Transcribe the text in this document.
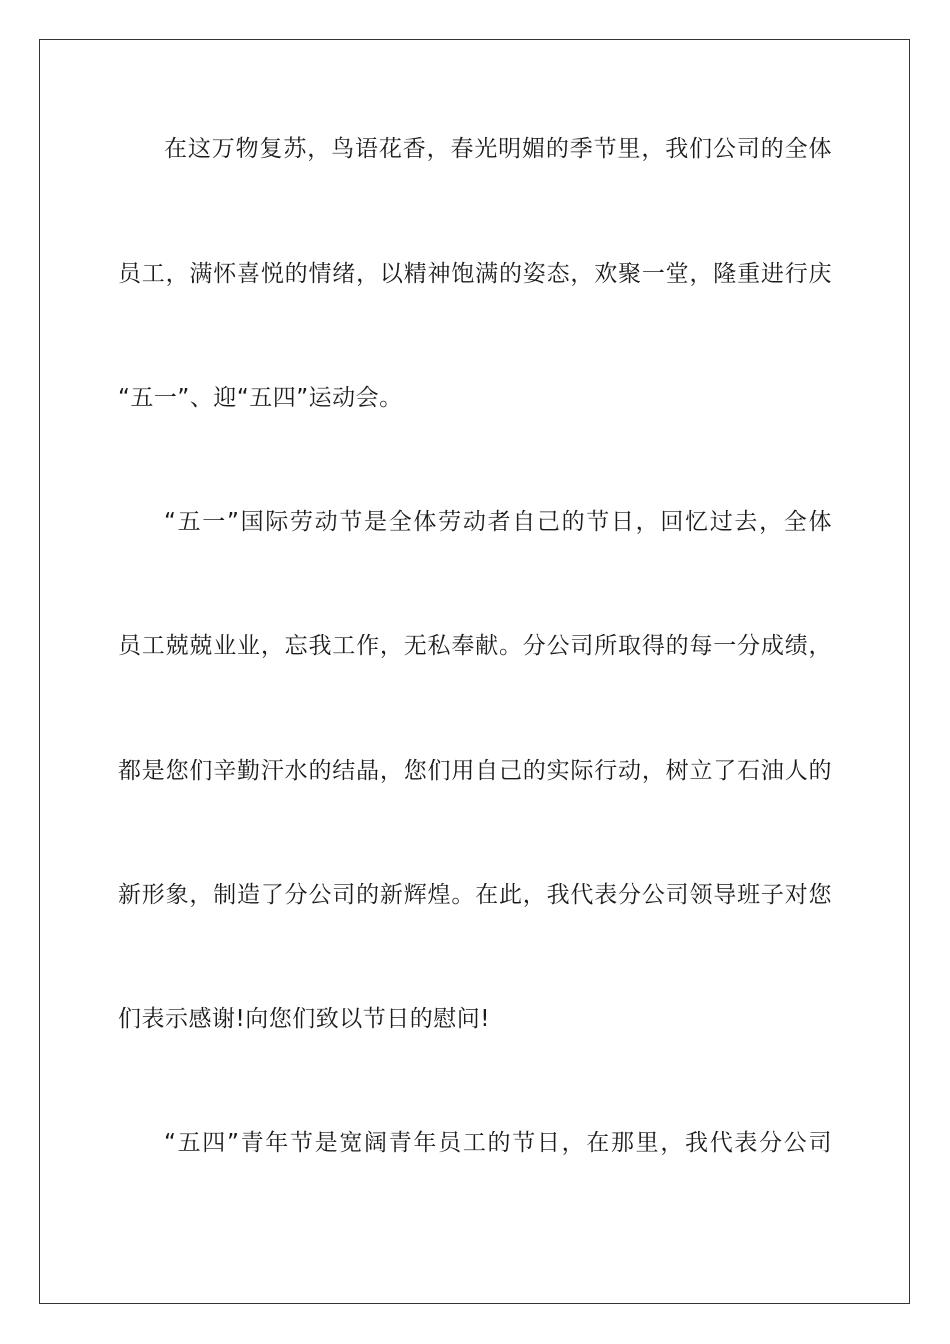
在这万物复苏，鸟语花香，春光明媚的季节里，我们公司的全体
员工，满怀喜悦的情绪，以精神饱满的姿态，欢聚一堂，隆重进行庆
“五一”、迎“五四”运动会。
“五一”国际劳动节是全体劳动者自己的节日，回忆过去，全体
员工兢兢业业，忘我工作，无私奉献。分公司所取得的每一分成绩，
都是您们辛勤汗水的结晶，您们用自己的实际行动，树立了石油人的
新形象，制造了分公司的新辉煌。在此，我代表分公司领导班子对您
们表示感谢!向您们致以节日的慰问!
“五四”青年节是宽阔青年员工的节日，在那里，我代表分公司
